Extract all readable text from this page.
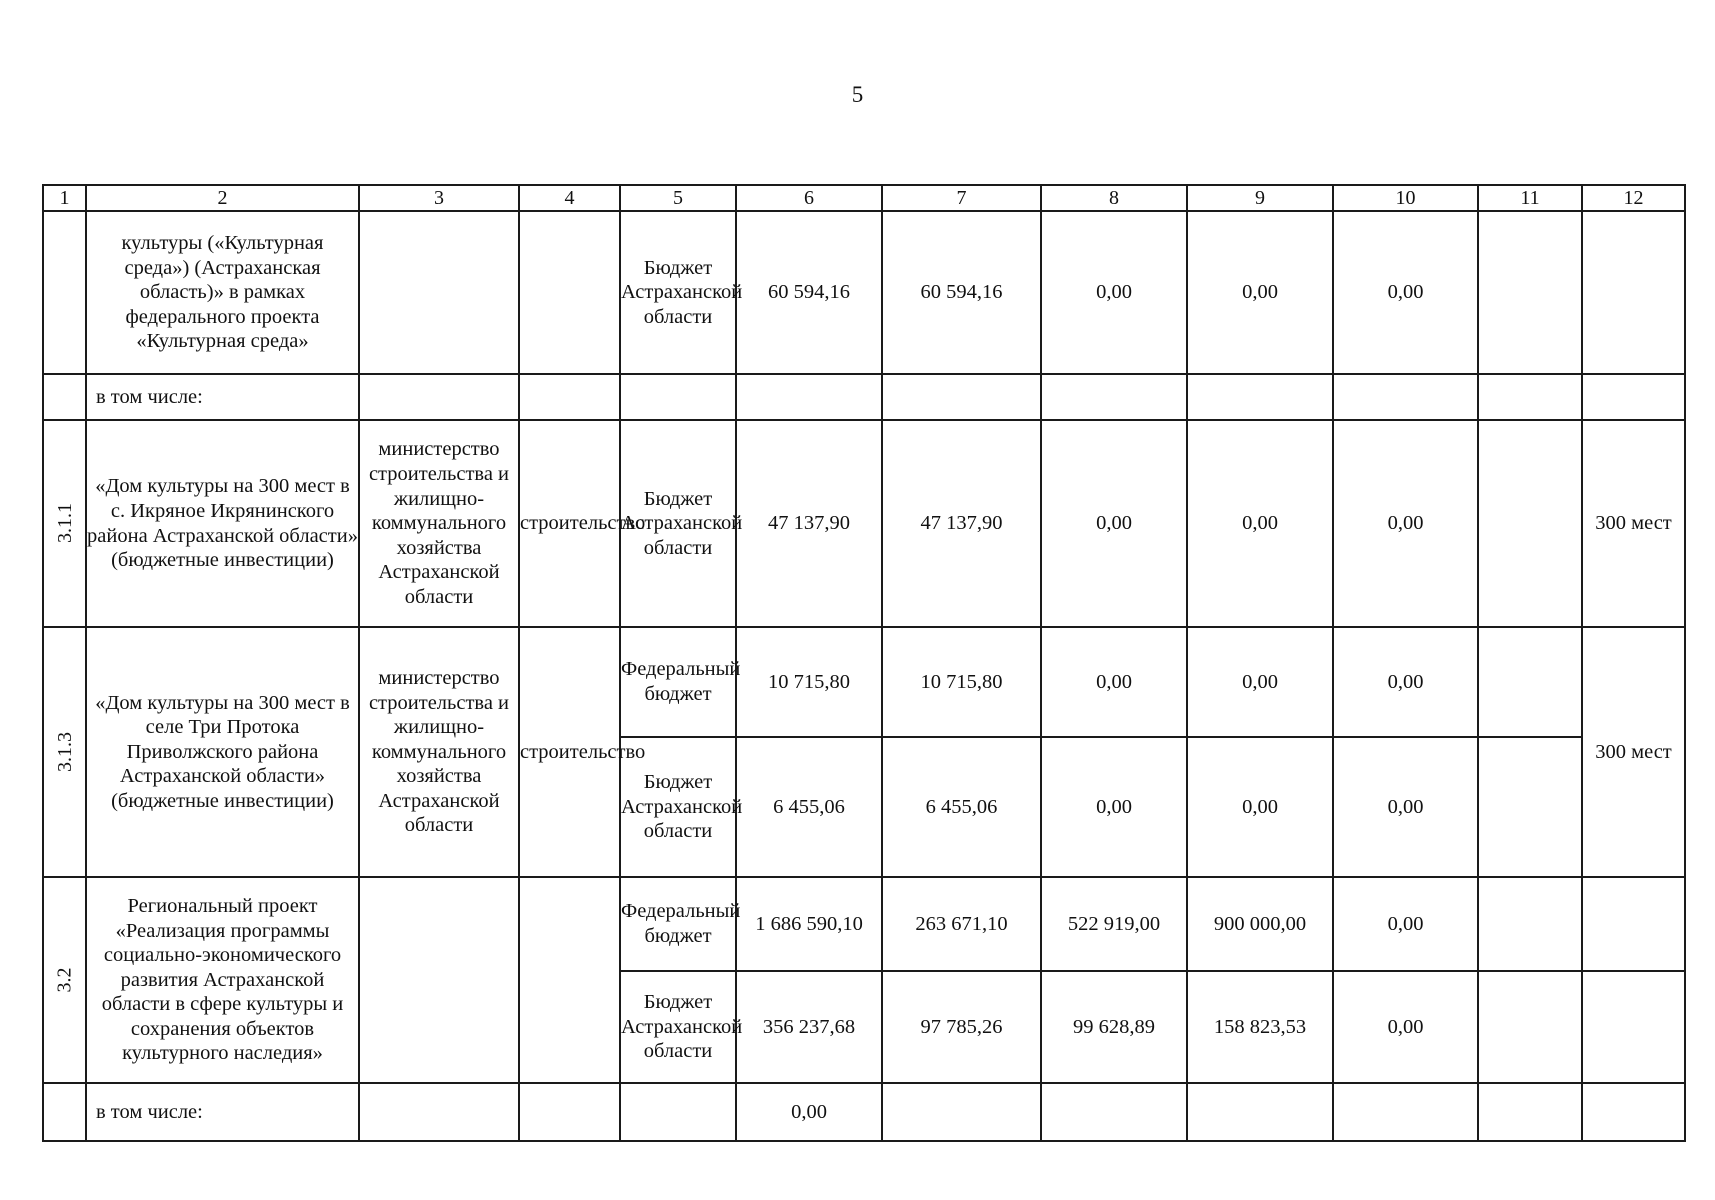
5
1	2	3	4	5	6	7	8	9	10	11	12
	культуры («Культурная среда») (Астраханская область)» в рамках федерального проекта «Культурная среда»			Бюджет Астраханской области	60 594,16	60 594,16	0,00	0,00	0,00		
	в том числе:										
3.1.1	«Дом культуры на 300 мест в с. Икряное Икрянинского района Астраханской области» (бюджетные инвестиции)	министерство строительства и жилищно-коммунального хозяйства Астраханской области	строительство	Бюджет Астраханской области	47 137,90	47 137,90	0,00	0,00	0,00		300 мест
3.1.3	«Дом культуры на 300 мест в селе Три Протока Приволжского района Астраханской области» (бюджетные инвестиции)	министерство строительства и жилищно-коммунального хозяйства Астраханской области	строительство	Федеральный бюджет	10 715,80	10 715,80	0,00	0,00	0,00		300 мест
				Бюджет Астраханской области	6 455,06	6 455,06	0,00	0,00	0,00		
3.2	Региональный проект «Реализация программы социально-экономического развития Астраханской области в сфере культуры и сохранения объектов культурного наследия»			Федеральный бюджет	1 686 590,10	263 671,10	522 919,00	900 000,00	0,00		
				Бюджет Астраханской области	356 237,68	97 785,26	99 628,89	158 823,53	0,00		
	в том числе:				0,00						
